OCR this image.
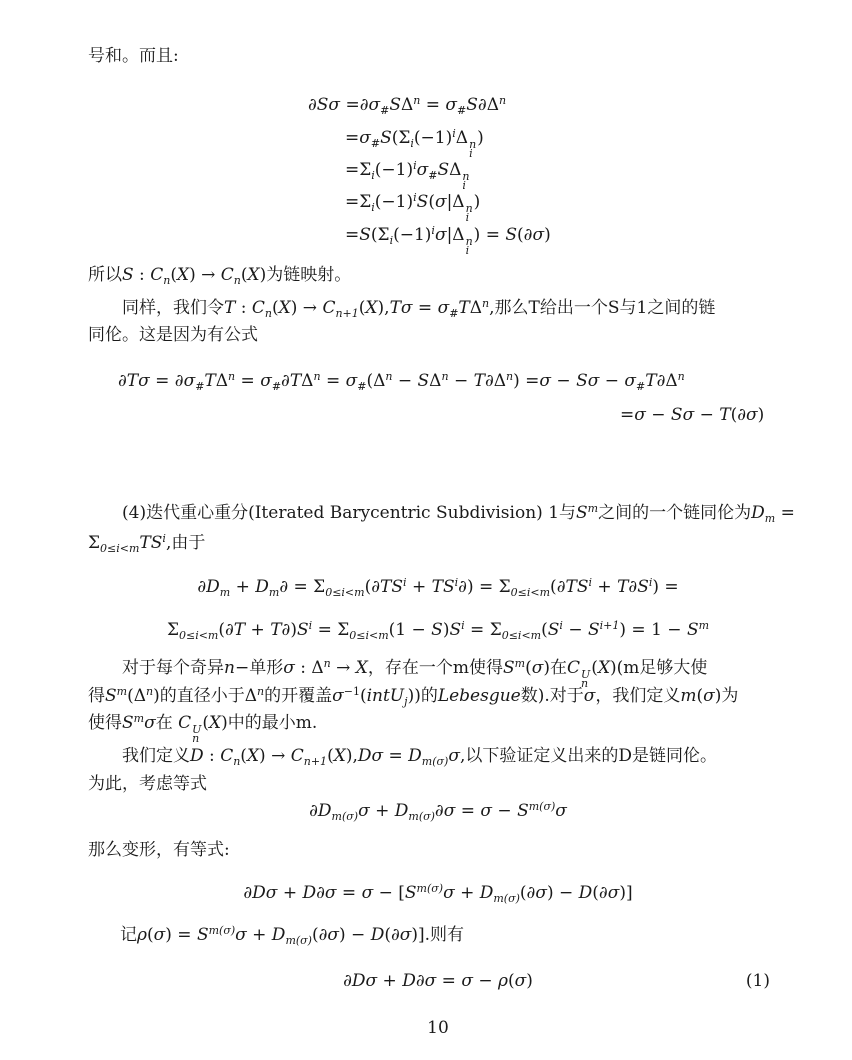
号和。而且:
$\partial S\sigma =\partial\sigma_{\#}S\Delta^n = \sigma_{\#}S\partial\Delta^n$
$=\sigma_{\#}S(\Sigma_i(-1)^i\Delta$ n
i
)
$=\Sigma_i(-1)^i\sigma_{\#}S\Delta$ n
i
$=\Sigma_i(-1)^iS(\sigma|\Delta$ n
i
)
$=S(\Sigma_i(-1)^i\sigma|\Delta$ n
i
) = S(∂σ)
所以S : $C_n(X) \to C_n(X)$为链映射。
同样，我们令T : $C_n(X) \to C_{n+1}(X),T\sigma = \sigma_{\#}T\Delta^n$,那么T给出一个S与1之间的链
同伦。这是因为有公式
$\partial T\sigma = \partial\sigma_{\#}T\Delta^n = \sigma_{\#}\partial T\Delta^n = \sigma_{\#}(\Delta^n - S\Delta^n - T\partial\Delta^n) =\sigma - S\sigma - \sigma_{\#}T\partial\Delta^n$
=σ − Sσ − T(∂σ)
(4)迭代重心重分(Iterated Barycentric Subdivision) 1与$S^m$之间的一个链同伦为$D_m$ =
$\Sigma_{0\le i<m}TS^i$,由于
$\partial D_m + D_m\partial = \Sigma_{0\le i<m}(\partial TS^i + TS^i\partial) = \Sigma_{0\le i<m}(\partial TS^i + T\partial S^i)$ =
$\Sigma_{0\le i<m}(\partial T + T\partial)S^i = \Sigma_{0\le i<m}(1 - S)S^i = \Sigma_{0\le i<m}(S^i - S^{i+1}) = 1 - S^m$
对于每个奇异n−单形σ : $\Delta^n \to X$，存在一个m使得$S^m(\sigma)$在C U
n
(X)(m足够大使
得$S^m(\Delta^n)$的直径小于$\Delta^n$的开覆盖$\sigma^{-1}(intU_j)$)的Lebesgue数).对于σ，我们定义m(σ)为
使得$S^m\sigma$在 C U
n
(X)中的最小m.
我们定义D : $C_n(X) \to C_{n+1}(X),D\sigma = D_{m(\sigma)}\sigma$,以下验证定义出来的D是链同伦。
为此，考虑等式
$\partial D_{m(\sigma)}\sigma + D_{m(\sigma)}\partial\sigma = \sigma - S^{m(\sigma)}\sigma$
那么变形，有等式:
$\partial D\sigma + D\partial\sigma = \sigma - [S^{m(\sigma)}\sigma + D_{m(\sigma)}(\partial\sigma) - D(\partial\sigma)]$
记$\rho(\sigma) = S^{m(\sigma)}\sigma + D_{m(\sigma)}(\partial\sigma) - D(\partial\sigma)$].则有
∂Dσ + D∂σ = σ − ρ(σ)	(1)
10
